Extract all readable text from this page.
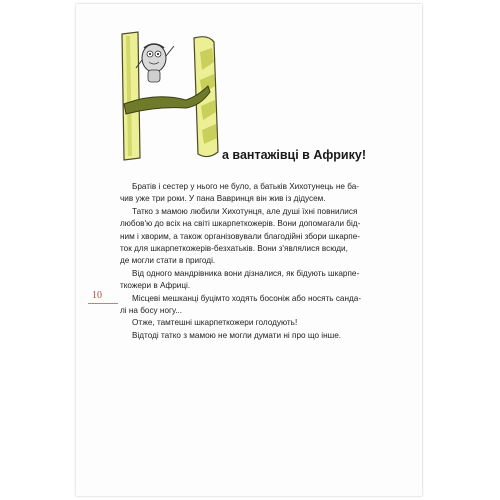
а вантажівці в Африку!
Братів і сестер у нього не було, а батьків Хихотунець не ба-
чив уже три роки. У пана Вавринця він жив із дідусем.
Татко з мамою любили Хихотунця, але душі їхні повнилися
любов'ю до всіх на світі шкарпеткожерів. Вони допомагали бід-
ним і хворим, а також організовували благодійні збори шкарпе-
ток для шкарпеткожерів-безхатьків. Вони з'являлися всюди,
де могли стати в пригоді.
Від одного мандрівника вони дізналися, як бідують шкарпе-
ткожери в Африці.
Місцеві мешканці буцімто ходять босоніж або носять санда-
лі на босу ногу...
Отже, тамтешні шкарпеткожери голодують!
Відтоді татко з мамою не могли думати ні про що інше.
10
